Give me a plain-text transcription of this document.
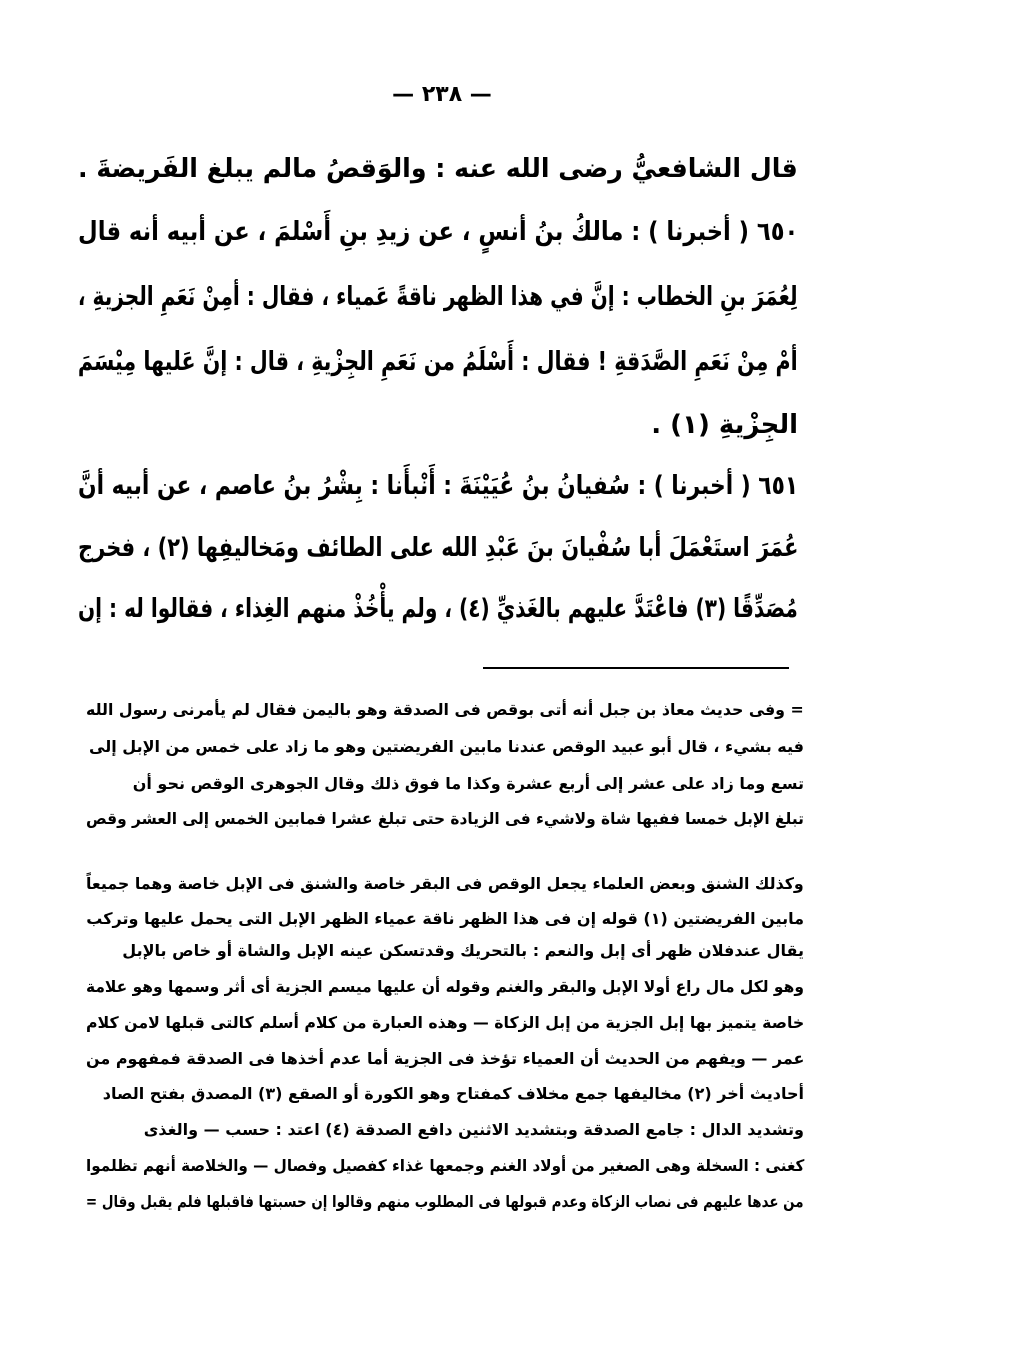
— ٢٣٨ —
قال الشافعيُّ رضى الله عنه : والوَقصُ مالم يبلغ الفَريضةَ .
٦٥٠ ( أخبرنا ) : مالكُ بنُ أنسٍ ، عن زيدِ بنِ أَسْلمَ ، عن أبيه أنه قال
لِعُمَرَ بنِ الخطاب : إنَّ في هذا الظهر ناقةً عَمياء ، فقال : أمِنْ نَعَمِ الجزيةِ ،
أمْ مِنْ نَعَمِ الصَّدَقةِ ! فقال : أَسْلَمُ من نَعَمِ الجِزْيةِ ، قال : إنَّ عَليها مِيْسَمَ
الجِزْيةِ (١) .
٦٥١ ( أخبرنا ) : سُفيانُ بنُ عُيَيْنَةَ : أَنْبأَنا : بِشْرُ بنُ عاصم ، عن أبيه أنَّ
عُمَرَ استَعْمَلَ أبا سُفْيانَ بنَ عَبْدِ الله على الطائف ومَخاليفِها (٢) ، فخرج
مُصَدِّقًا (٣) فاعْتَدَّ عليهم بالغَذيِّ (٤) ، ولم يأْخُذْ منهم الغِذاء ، فقالوا له : إن
= وفى حديث معاذ بن جبل أنه أتى بوقص فى الصدقة وهو باليمن فقال لم يأمرنى رسول الله
فيه بشيء ، قال أبو عبيد الوقص عندنا مابين الفريضتين وهو ما زاد على خمس من الإبل إلى
تسع وما زاد على عشر إلى أربع عشرة وكذا ما فوق ذلك وقال الجوهرى الوقص نحو أن
تبلغ الإبل خمسا ففيها شاة ولاشيء فى الزيادة حتى تبلغ عشرا فمابين الخمس إلى العشر وقص
وكذلك الشنق وبعض العلماء يجعل الوقص فى البقر خاصة والشنق فى الإبل خاصة وهما جميعاً
مابين الفريضتين (١) قوله إن فى هذا الظهر ناقة عمياء الظهر الإبل التى يحمل عليها وتركب
يقال عندفلان ظهر أى إبل والنعم : بالتحريك وقدتسكن عينه الإبل والشاة أو خاص بالإبل
وهو لكل مال راع أولا الإبل والبقر والغنم وقوله أن عليها ميسم الجزية أى أثر وسمها وهو علامة
خاصة يتميز بها إبل الجزية من إبل الزكاة — وهذه العبارة من كلام أسلم كالتى قبلها لامن كلام
عمر — ويفهم من الحديث أن العمياء تؤخذ فى الجزية أما عدم أخذها فى الصدقة فمفهوم من
أحاديث أخر (٢) مخاليفها جمع مخلاف كمفتاح وهو الكورة أو الصقع (٣) المصدق بفتح الصاد
وتشديد الدال : جامع الصدقة وبتشديد الاثنين دافع الصدقة (٤) اعتد : حسب — والغذى
كغنى : السخلة وهى الصغير من أولاد الغنم وجمعها غذاء كفصيل وفصال — والخلاصة أنهم تظلموا
من عدها عليهم فى نصاب الزكاة وعدم قبولها فى المطلوب منهم وقالوا إن حسبتها فاقبلها فلم يقبل وقال =
